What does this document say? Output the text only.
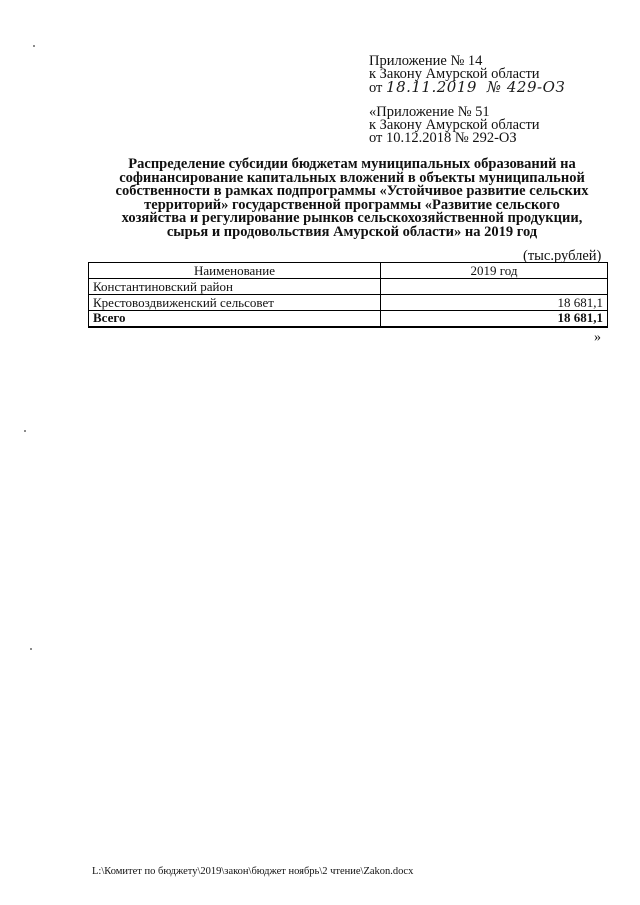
Приложение № 14
к Закону Амурской области
от 18.11.2019 № 429-ОЗ
«Приложение № 51
к Закону Амурской области
от 10.12.2018 № 292-ОЗ
Распределение субсидии бюджетам муниципальных образований на
софинансирование капитальных вложений в объекты муниципальной
собственности в рамках подпрограммы «Устойчивое развитие сельских
территорий» государственной программы «Развитие сельского
хозяйства и регулирование рынков сельскохозяйственной продукции,
сырья и продовольствия Амурской области» на 2019 год
(тыс.рублей)
Наименование	2019 год
Константиновский район	
Крестовоздвиженский сельсовет	18 681,1
Всего	18 681,1
»
L:\Комитет по бюджету\2019\закон\бюджет ноябрь\2 чтение\Zakon.docx
